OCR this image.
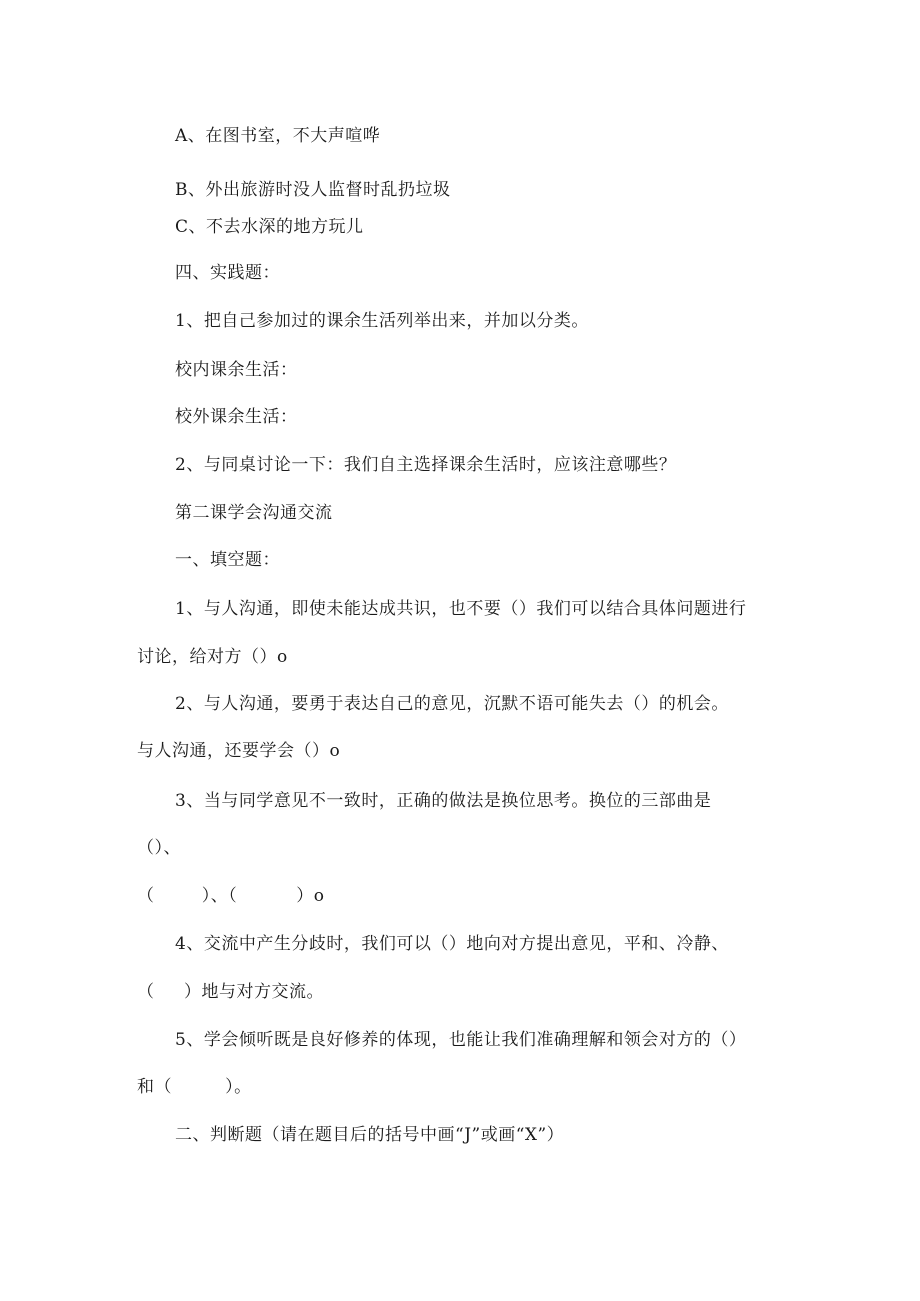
A、在图书室，不大声喧哗
B、外出旅游时没人监督时乱扔垃圾
C、不去水深的地方玩儿
四、实践题：
1、把自己参加过的课余生活列举出来，并加以分类。
校内课余生活：
校外课余生活：
2、与同桌讨论一下：我们自主选择课余生活时，应该注意哪些？
第二课学会沟通交流
一、填空题：
1、与人沟通，即使未能达成共识，也不要（）我们可以结合具体问题进行
讨论，给对方（）o
2、与人沟通，要勇于表达自己的意见，沉默不语可能失去（）的机会。
与人沟通，还要学会（）o
3、当与同学意见不一致时，正确的做法是换位思考。换位的三部曲是
（）、
（        ）、（          ）o
4、交流中产生分歧时，我们可以（）地向对方提出意见，平和、冷静、
（     ）地与对方交流。
5、学会倾听既是良好修养的体现，也能让我们准确理解和领会对方的（）
和（         ）。
二、判断题（请在题目后的括号中画“J”或画“X”）
